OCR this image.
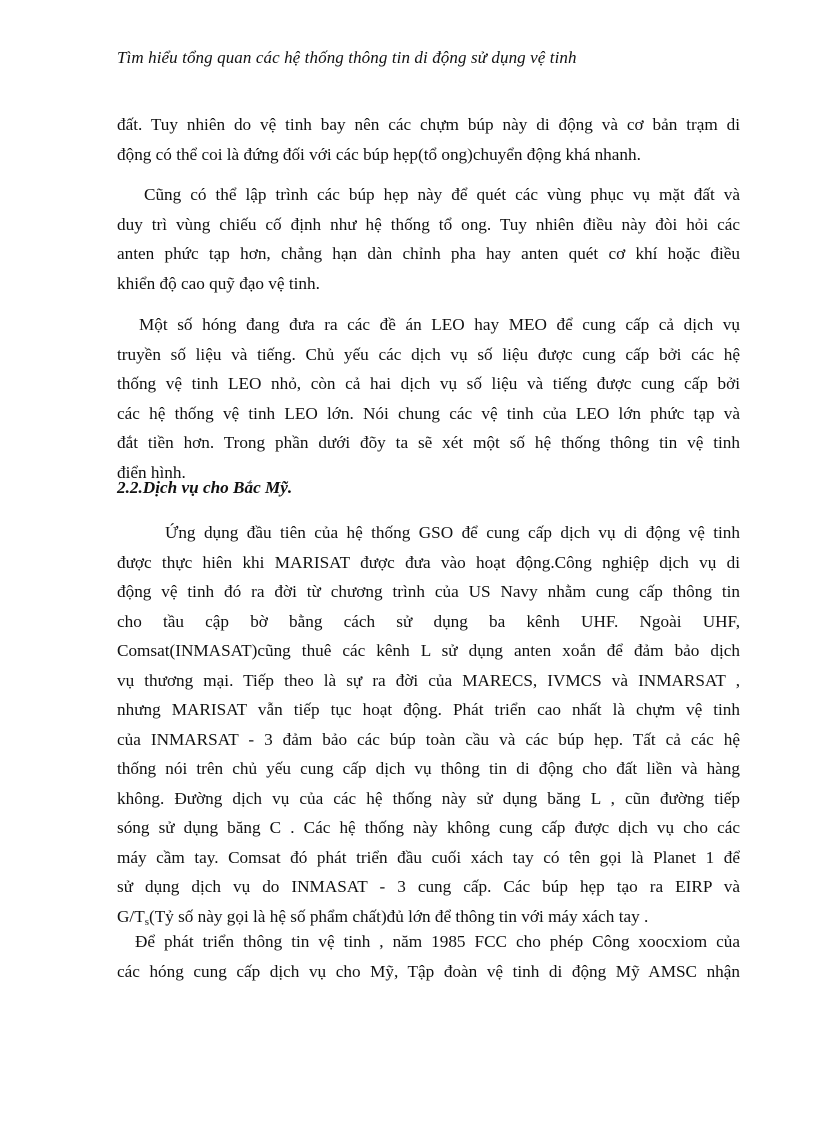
Tìm hiểu tổng quan các hệ thống thông tin di động sử dụng vệ tinh
đất. Tuy nhiên do vệ tinh bay nên các chựm búp này di động và cơ bản trạm di
động có thể coi là đứng đối với các búp hẹp(tổ ong)chuyển động khá nhanh.
Cũng có thể lập trình các búp hẹp này để quét các vùng phục vụ mặt đất và
duy trì vùng chiếu cố định như hệ thống tổ ong. Tuy nhiên điều này đòi hỏi các
anten phức tạp hơn, chẳng hạn dàn chỉnh pha hay anten quét cơ khí hoặc điều
khiển độ cao quỹ đạo vệ tinh.
Một số hóng đang đưa ra các đề án LEO hay MEO để cung cấp cả dịch vụ
truyền số liệu và tiếng. Chủ yếu các dịch vụ số liệu được cung cấp bởi các hệ
thống vệ tinh LEO nhỏ, còn cả hai dịch vụ số liệu và tiếng được cung cấp bởi
các hệ thống vệ tinh LEO lớn. Nói chung các vệ tinh của LEO lớn phức tạp và
đắt tiền hơn. Trong phần dưới đõy ta sẽ xét một số hệ thống thông tin vệ tinh
điển hình.
2.2.Dịch vụ cho Bắc Mỹ.
Ứng dụng đầu tiên của hệ thống GSO để cung cấp dịch vụ di động vệ tinh
được thực hiên khi MARISAT được đưa vào hoạt động.Công nghiệp dịch vụ di
động vệ tinh đó ra đời từ chương trình của US Navy nhằm cung cấp thông tin
cho tầu cập bờ bằng cách sử dụng ba kênh UHF. Ngoài UHF,
Comsat(INMASAT)cũng thuê các kênh L sử dụng anten xoắn để đảm bảo dịch
vụ thương mại. Tiếp theo là sự ra đời của MARECS, IVMCS và INMARSAT ,
nhưng MARISAT vẫn tiếp tục hoạt động. Phát triển cao nhất là chựm vệ tinh
của INMARSAT - 3 đảm bảo các búp toàn cầu và các búp hẹp. Tất cả các hệ
thống nói trên chủ yếu cung cấp dịch vụ thông tin di động cho đất liền và hàng
không. Đường dịch vụ của các hệ thống này sử dụng băng L , cũn đường tiếp
sóng sử dụng băng C . Các hệ thống này không cung cấp được dịch vụ cho các
máy cầm tay. Comsat đó phát triển đầu cuối xách tay có tên gọi là Planet 1 để
sử dụng dịch vụ do INMASAT - 3 cung cấp. Các búp hẹp tạo ra EIRP và
$G/T_s(Tỷ$ số này gọi là hệ số phẩm chất)đủ lớn để thông tin với máy xách tay .
Để phát triển thông tin vệ tinh , năm 1985 FCC cho phép Công xoocxiom của
các hóng cung cấp dịch vụ cho Mỹ, Tập đoàn vệ tinh di động Mỹ AMSC nhận
